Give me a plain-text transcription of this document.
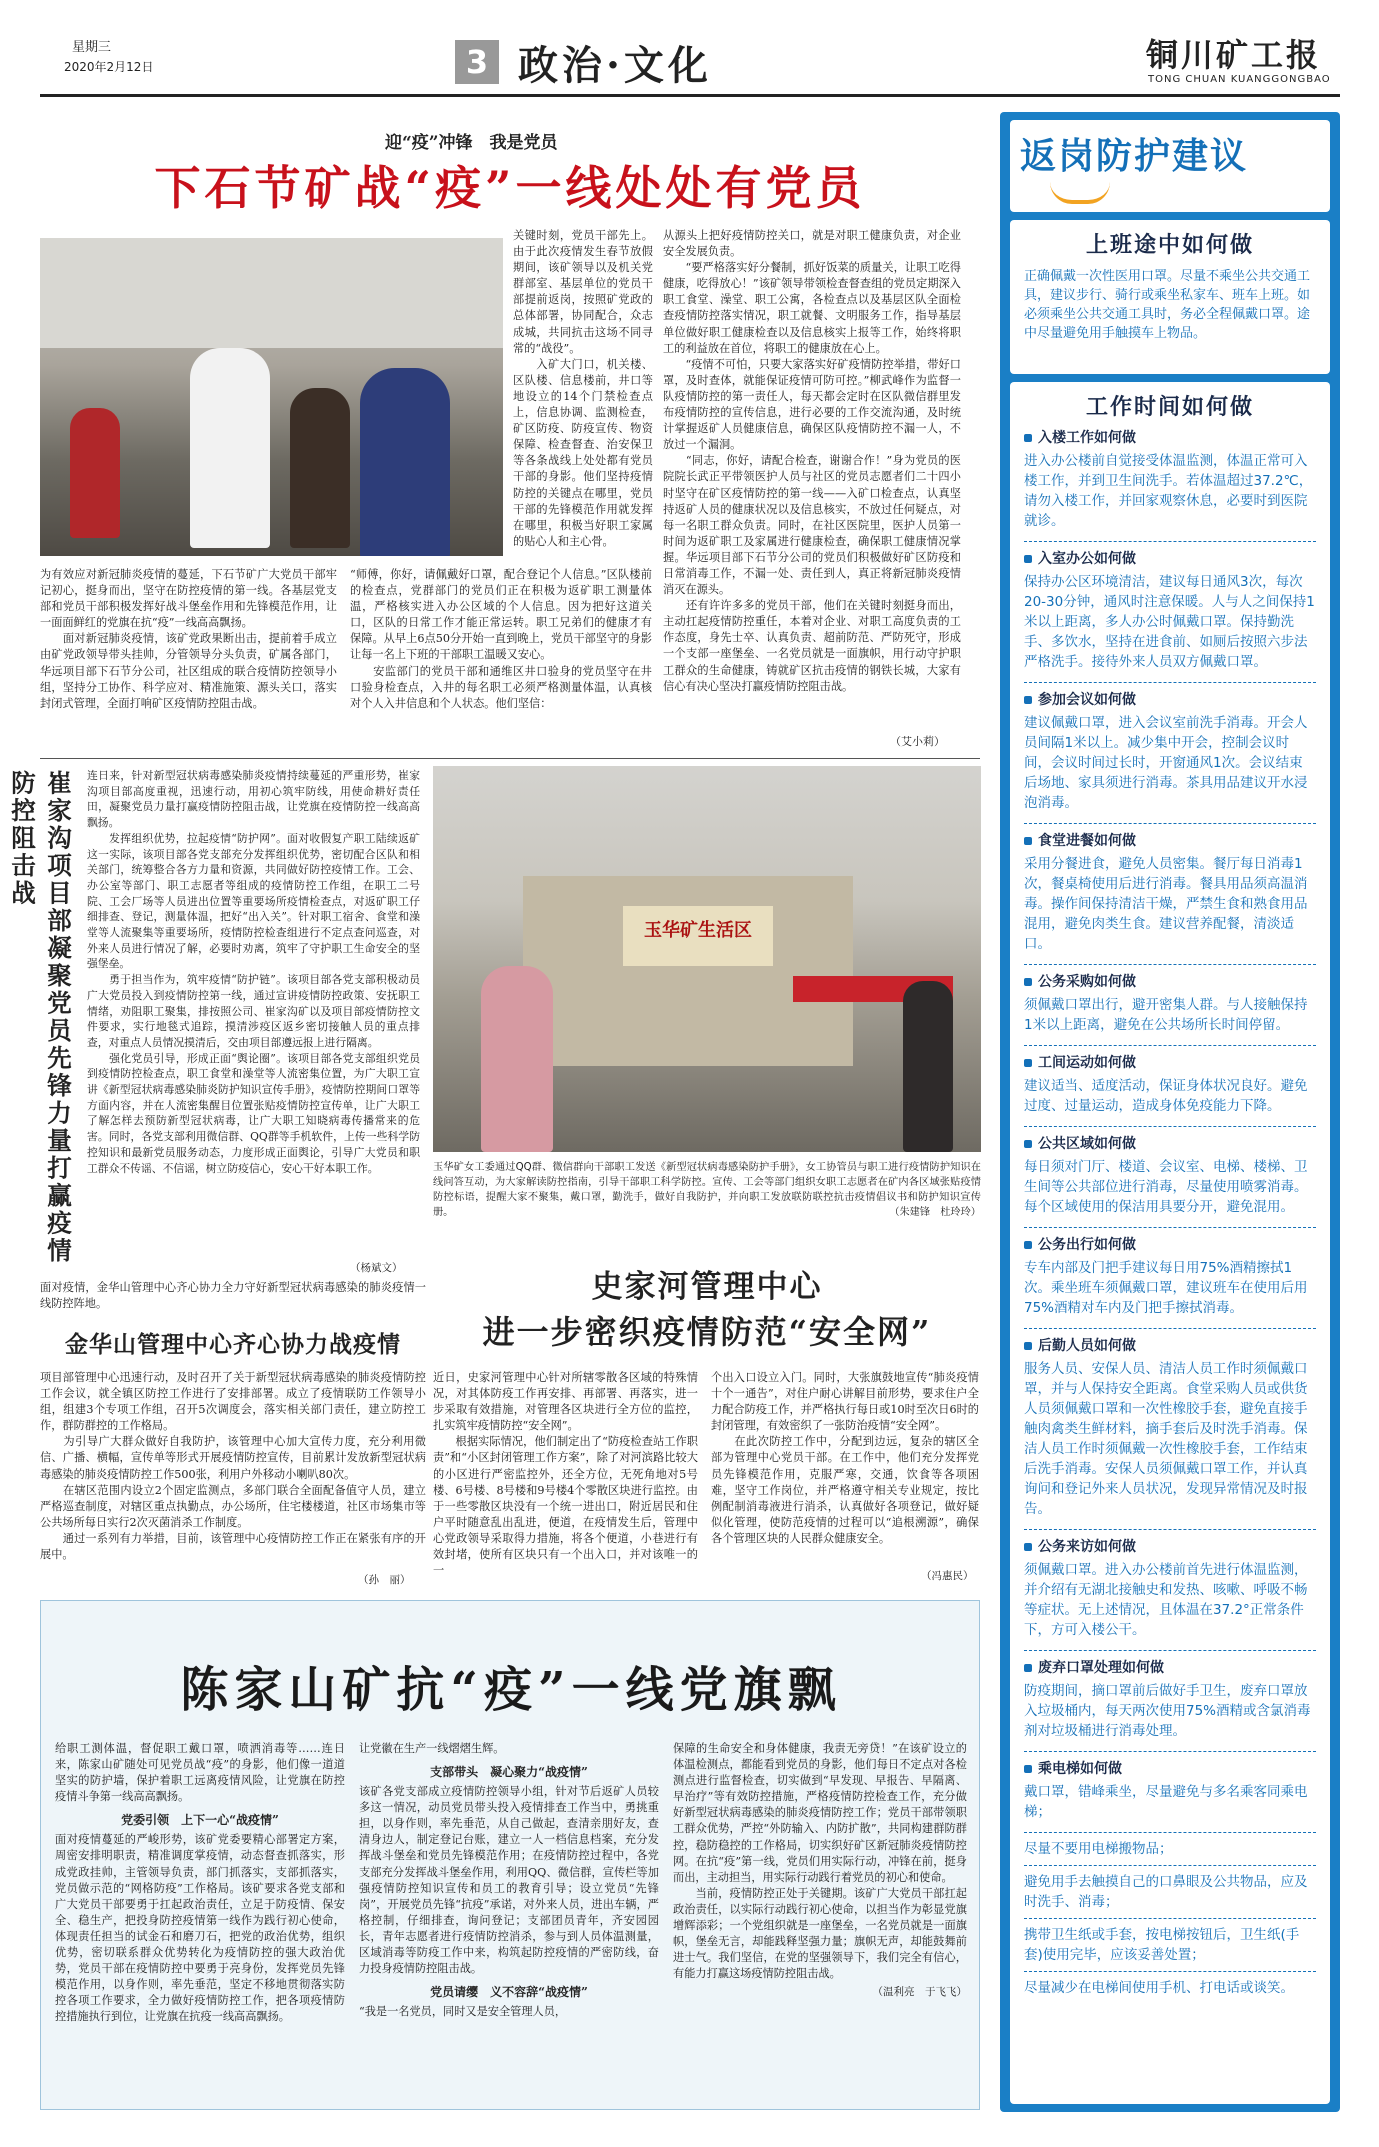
星期三
2020年2月12日	3 政治·文化	铜川矿工报
TONG CHUAN KUANGGONGBAO
迎“疫”冲锋　我是党员
下石节矿战“疫”一线处处有党员
关键时刻，党员干部先上。由于此次疫情发生春节放假期间，该矿领导以及机关党群部室、基层单位的党员干部提前返岗，按照矿党政的总体部署，协同配合，众志成城，共同抗击这场不同寻常的“战役”。
　　入矿大门口，机关楼、区队楼、信息楼前，井口等地设立的14个门禁检查点上，信息协调、监测检查，矿区防疫、防疫宣传、物资保障、检查督查、治安保卫等各条战线上处处都有党员干部的身影。他们坚持疫情防控的关键点在哪里，党员干部的先锋模范作用就发挥在哪里，积极当好职工家属的贴心人和主心骨。
从源头上把好疫情防控关口，就是对职工健康负责，对企业安全发展负责。
　　“要严格落实好分餐制，抓好饭菜的质量关，让职工吃得健康，吃得放心！”该矿领导带领检查督查组的党员定期深入职工食堂、澡堂、职工公寓，各检查点以及基层区队全面检查疫情防控落实情况，职工就餐、文明服务工作，指导基层单位做好职工健康检查以及信息核实上报等工作，始终将职工的利益放在首位，将职工的健康放在心上。
　　“疫情不可怕，只要大家落实好矿疫情防控举措，带好口罩，及时查体，就能保证疫情可防可控。”柳武峰作为监督一队疫情防控的第一责任人，每天都会定时在区队微信群里发布疫情防控的宣传信息，进行必要的工作交流沟通，及时统计掌握返矿人员健康信息，确保区队疫情防控不漏一人，不放过一个漏洞。
　　“同志，你好，请配合检查，谢谢合作！”身为党员的医院院长武正平带领医护人员与社区的党员志愿者们二十四小时坚守在矿区疫情防控的第一线——入矿口检查点，认真坚持返矿人员的健康状况以及信息核实，不放过任何疑点，对每一名职工群众负责。同时，在社区医院里，医护人员第一时间为返矿职工及家属进行健康检查，确保职工健康情况掌握。华远项目部下石节分公司的党员们积极做好矿区防疫和日常消毒工作，不漏一处、责任到人，真正将新冠肺炎疫情消灭在源头。
　　还有许许多多的党员干部，他们在关键时刻挺身而出，主动扛起疫情防控重任，本着对企业、对职工高度负责的工作态度，身先士卒、认真负责、超前防范、严防死守，形成一个支部一座堡垒、一名党员就是一面旗帜，用行动守护职工群众的生命健康，铸就矿区抗击疫情的钢铁长城，大家有信心有决心坚决打赢疫情防控阻击战。
为有效应对新冠肺炎疫情的蔓延，下石节矿广大党员干部牢记初心，挺身而出，坚守在防控疫情的第一线。各基层党支部和党员干部积极发挥好战斗堡垒作用和先锋模范作用，让一面面鲜红的党旗在抗“疫”一线高高飘扬。
　　面对新冠肺炎疫情，该矿党政果断出击，提前着手成立由矿党政领导带头挂帅，分管领导分头负责，矿属各部门，华远项目部下石节分公司，社区组成的联合疫情防控领导小组，坚持分工协作、科学应对、精准施策、源头关口，落实封闭式管理，全面打响矿区疫情防控阻击战。
“师傅，你好，请佩戴好口罩，配合登记个人信息。”区队楼前的检查点，党群部门的党员们正在积极为返矿职工测量体温，严格核实进入办公区域的个人信息。因为把好这道关口，区队的日常工作才能正常运转。职工兄弟们的健康才有保障。从早上6点50分开始一直到晚上，党员干部坚守的身影让每一名上下班的干部职工温暖又安心。
　　安监部门的党员干部和通维区井口验身的党员坚守在井口验身检查点，入井的每名职工必须严格测量体温，认真核对个人入井信息和个人状态。他们坚信：
（艾小莉）
崔家沟项目部凝聚党员先锋力量打赢疫情防控阻击战	连日来，针对新型冠状病毒感染肺炎疫情持续蔓延的严重形势，崔家沟项目部高度重视，迅速行动，用初心筑牢防线，用使命耕好责任田，凝聚党员力量打赢疫情防控阻击战，让党旗在疫情防控一线高高飘扬。
　　发挥组织优势，拉起疫情“防护网”。面对收假复产职工陆续返矿这一实际，该项目部各党支部充分发挥组织优势，密切配合区队和相关部门，统筹整合各方力量和资源，共同做好防控疫情工作。工会、办公室等部门、职工志愿者等组成的疫情防控工作组，在职工二号院、工会厂场等人员进出位置等重要场所疫情检查点，对返矿职工仔细排查、登记，测量体温，把好“出入关”。针对职工宿舍、食堂和澡堂等人流聚集等重要场所，疫情防控检查组进行不定点查问巡查，对外来人员进行情况了解，必要时劝离，筑牢了守护职工生命安全的坚强堡垒。
　　勇于担当作为，筑牢疫情“防护链”。该项目部各党支部积极动员广大党员投入到疫情防控第一线，通过宣讲疫情防控政策、安抚职工情绪，劝阻职工聚集，排按照公司、崔家沟矿以及项目部疫情防控文件要求，实行地毯式追踪，摸清涉疫区返乡密切接触人员的重点排查，对重点人员情况摸清后，交由项目部遵远报上进行隔离。
　　强化党员引导，形成正面“舆论圈”。该项目部各党支部组织党员到疫情防控检查点，职工食堂和澡堂等人流密集位置，为广大职工宣讲《新型冠状病毒感染肺炎防护知识宣传手册》，疫情防控期间口罩等方面内容，并在人流密集醒目位置张贴疫情防控宣传单，让广大职工了解怎样去预防新型冠状病毒，让广大职工知晓病毒传播常来的危害。同时，各党支部利用微信群、QQ群等手机软件，上传一些科学防控知识和最新党员服务动态，力度形成正面舆论，引导广大党员和职工群众不传谣、不信谣，树立防疫信心，安心干好本职工作。
（杨斌文）
玉华矿生活区
玉华矿女工委通过QQ群、微信群向干部职工发送《新型冠状病毒感染防护手册》，女工协管员与职工进行疫情防护知识在线问答互动，为大家解读防控指南，引导干部职工科学防控。宣传、工会等部门组织女职工志愿者在矿内各区域张贴疫情防控标语，提醒大家不聚集，戴口罩，勤洗手，做好自我防护，并向职工发放联防联控抗击疫情倡议书和防护知识宣传册。	（朱建锋　杜玲玲）
面对疫情，金华山管理中心齐心协力全力守好新型冠状病毒感染的肺炎疫情一线防控阵地。	史家河管理中心
进一步密织疫情防范“安全网”
金华山管理中心齐心协力战疫情
项目部管理中心迅速行动，及时召开了关于新型冠状病毒感染的肺炎疫情防控工作会议，就全镇区防控工作进行了安排部署。成立了疫情联防工作领导小组，组建3个专项工作组，召开5次调度会，落实相关部门责任，建立防控工作，群防群控的工作格局。
　　为引导广大群众做好自我防护，该管理中心加大宣传力度，充分利用微信、广播、横幅，宣传单等形式开展疫情防控宣传，目前累计发放新型冠状病毒感染的肺炎疫情防控工作500张，利用户外移动小喇叭80次。
　　在辖区范围内设立2个固定监测点，多部门联合全面配备值守人员，建立严格巡查制度，对辖区重点执勤点，办公场所，住宅楼楼道，社区市场集市等公共场所每日实行2次灭菌消杀工作制度。
　　通过一系列有力举措，目前，该管理中心疫情防控工作正在紧张有序的开展中。
（孙　丽）
近日，史家河管理中心针对所辖零散各区域的特殊情况，对其体防疫工作再安排、再部署、再落实，进一步采取有效措施，对管理各区块进行全方位的监控，扎实筑牢疫情防控“安全网”。
　　根据实际情况，他们制定出了“防疫检查站工作职责”和“小区封闭管理工作方案”，除了对河滨路比较大的小区进行严密监控外，还全方位，无死角地对5号楼、6号楼、8号楼和9号楼4个零散区块进行监控。由于一些零散区块没有一个统一进出口，附近居民和住户平时随意乱出乱进，便道，在疫情发生后，管理中心党政领导采取得力措施，将各个便道，小巷进行有效封堵，使所有区块只有一个出入口，并对该唯一的一
个出入口设立入门。同时，大张旗鼓地宣传“肺炎疫情十个一通告”，对住户耐心讲解目前形势，要求住户全力配合防疫工作，并严格执行每日或10时至次日6时的封闭管理，有效密织了一张防治疫情“安全网”。
　　在此次防控工作中，分配到边远，复杂的辖区全部为管理中心党员干部。在工作中，他们充分发挥党员先锋模范作用，克服严寒，交通，饮食等各项困难，坚守工作岗位，并严格遵守相关专业规定，按比例配制消毒液进行消杀，认真做好各项登记，做好疑似化管理，使防范疫情的过程可以“追根溯源”，确保各个管理区块的人民群众健康安全。
（冯惠民）
陈家山矿抗“疫”一线党旗飘
给职工测体温，督促职工戴口罩，喷洒消毒等……连日来，陈家山矿随处可见党员战“疫”的身影，他们像一道道坚实的防护墙，保护着职工远离疫情风险，让党旗在防控疫情斗争第一线高高飘扬。
党委引领　上下一心“战疫情”
面对疫情蔓延的严峻形势，该矿党委要精心部署定方案，周密安排明职责，精准调度掌疫情，动态督查抓落实，形成党政挂帅，主管领导负责，部门抓落实，支部抓落实，党员做示范的“网格防疫”工作格局。该矿要求各党支部和广大党员干部要勇于扛起政治责任，立足于防疫情、保安全、稳生产，把投身防控疫情第一线作为践行初心使命，体现责任担当的试金石和磨刀石，把党的政治优势，组织优势，密切联系群众优势转化为疫情防控的强大政治优势，党员干部在疫情防控中要勇于亮身份，发挥党员先锋模范作用，以身作则，率先垂范，坚定不移地贯彻落实防控各项工作要求，全力做好疫情防控工作，把各项疫情防控措施执行到位，让党旗在抗疫一线高高飘扬。
让党徽在生产一线熠熠生辉。
支部带头　凝心聚力“战疫情”
该矿各党支部成立疫情防控领导小组，针对节后返矿人员较多这一情况，动员党员带头投入疫情排查工作当中，勇挑重担，以身作则，率先垂范，从自己做起，查清亲朋好友，查清身边人，制定登记台账，建立一人一档信息档案，充分发挥战斗堡垒和党员先锋模范作用；在疫情防控过程中，各党支部充分发挥战斗堡垒作用，利用QQ、微信群，宣传栏等加强疫情防控知识宣传和员工的教育引导；设立党员“先锋岗”，开展党员先锋“抗疫”承诺，对外来人员，进出车辆，严格控制，仔细排查，询问登记；支部团员青年，齐安园园长，青年志愿者进行疫情防控消杀，参与到人员体温测量，区域消毒等防疫工作中来，构筑起防控疫情的严密防线，奋力投身疫情防控阻击战。
党员请缨　义不容辞“战疫情”
“我是一名党员，同时又是安全管理人员，
保障的生命安全和身体健康，我责无旁贷！”在该矿设立的体温检测点，都能看到党员的身影，他们每日不定点对各检测点进行监督检查，切实做到“早发现、早报告、早隔离、早治疗”等有效防控措施，严格疫情防控检查工作，充分做好新型冠状病毒感染的肺炎疫情防控工作；党员干部带领职工群众优势，严控“外防输入、内防扩散”，共同构建群防群控，稳防稳控的工作格局，切实织好矿区新冠肺炎疫情防控网。在抗“疫”第一线，党员们用实际行动，冲锋在前，挺身而出，主动担当，用实际行动践行着党员的初心和使命。
　　当前，疫情防控正处于关键期。该矿广大党员干部扛起政治责任，以实际行动践行初心使命，以担当作为彰显党旗增辉添彩；一个党组织就是一座堡垒，一名党员就是一面旗帜，堡垒无言，却能践释坚强力量；旗帜无声，却能鼓舞前进士气。我们坚信，在党的坚强领导下，我们完全有信心，有能力打赢这场疫情防控阻击战。
（温利亮　于飞飞）
返岗防护建议
上班途中如何做
正确佩戴一次性医用口罩。尽量不乘坐公共交通工具，建议步行、骑行或乘坐私家车、班车上班。如必须乘坐公共交通工具时，务必全程佩戴口罩。途中尽量避免用手触摸车上物品。
工作时间如何做
入楼工作如何做
进入办公楼前自觉接受体温监测，体温正常可入楼工作，并到卫生间洗手。若体温超过37.2℃，请勿入楼工作，并回家观察休息，必要时到医院就诊。
入室办公如何做
保持办公区环境清洁，建议每日通风3次，每次20-30分钟，通风时注意保暖。人与人之间保持1米以上距离，多人办公时佩戴口罩。保持勤洗手、多饮水，坚持在进食前、如厕后按照六步法严格洗手。接待外来人员双方佩戴口罩。
参加会议如何做
建议佩戴口罩，进入会议室前洗手消毒。开会人员间隔1米以上。减少集中开会，控制会议时间，会议时间过长时，开窗通风1次。会议结束后场地、家具须进行消毒。茶具用品建议开水浸泡消毒。
食堂进餐如何做
采用分餐进食，避免人员密集。餐厅每日消毒1次，餐桌椅使用后进行消毒。餐具用品须高温消毒。操作间保持清洁干燥，严禁生食和熟食用品混用，避免肉类生食。建议营养配餐，清淡适口。
公务采购如何做
须佩戴口罩出行，避开密集人群。与人接触保持1米以上距离，避免在公共场所长时间停留。
工间运动如何做
建议适当、适度活动，保证身体状况良好。避免过度、过量运动，造成身体免疫能力下降。
公共区域如何做
每日须对门厅、楼道、会议室、电梯、楼梯、卫生间等公共部位进行消毒，尽量使用喷雾消毒。每个区域使用的保洁用具要分开，避免混用。
公务出行如何做
专车内部及门把手建议每日用75%酒精擦拭1次。乘坐班车须佩戴口罩，建议班车在使用后用75%酒精对车内及门把手擦拭消毒。
后勤人员如何做
服务人员、安保人员、清洁人员工作时须佩戴口罩，并与人保持安全距离。食堂采购人员或供货人员须佩戴口罩和一次性橡胶手套，避免直接手触肉禽类生鲜材料，摘手套后及时洗手消毒。保洁人员工作时须佩戴一次性橡胶手套，工作结束后洗手消毒。安保人员须佩戴口罩工作，并认真询问和登记外来人员状况，发现异常情况及时报告。
公务来访如何做
须佩戴口罩。进入办公楼前首先进行体温监测，并介绍有无湖北接触史和发热、咳嗽、呼吸不畅等症状。无上述情况，且体温在37.2°正常条件下，方可入楼公干。
废弃口罩处理如何做
防疫期间，摘口罩前后做好手卫生，废弃口罩放入垃圾桶内，每天两次使用75%酒精或含氯消毒剂对垃圾桶进行消毒处理。
乘电梯如何做
戴口罩，错峰乘坐，尽量避免与多名乘客同乘电梯；
尽量不要用电梯搬物品；
避免用手去触摸自己的口鼻眼及公共物品，应及时洗手、消毒；
携带卫生纸或手套，按电梯按钮后，卫生纸(手套)使用完毕，应该妥善处置；
尽量减少在电梯间使用手机、打电话或谈笑。
